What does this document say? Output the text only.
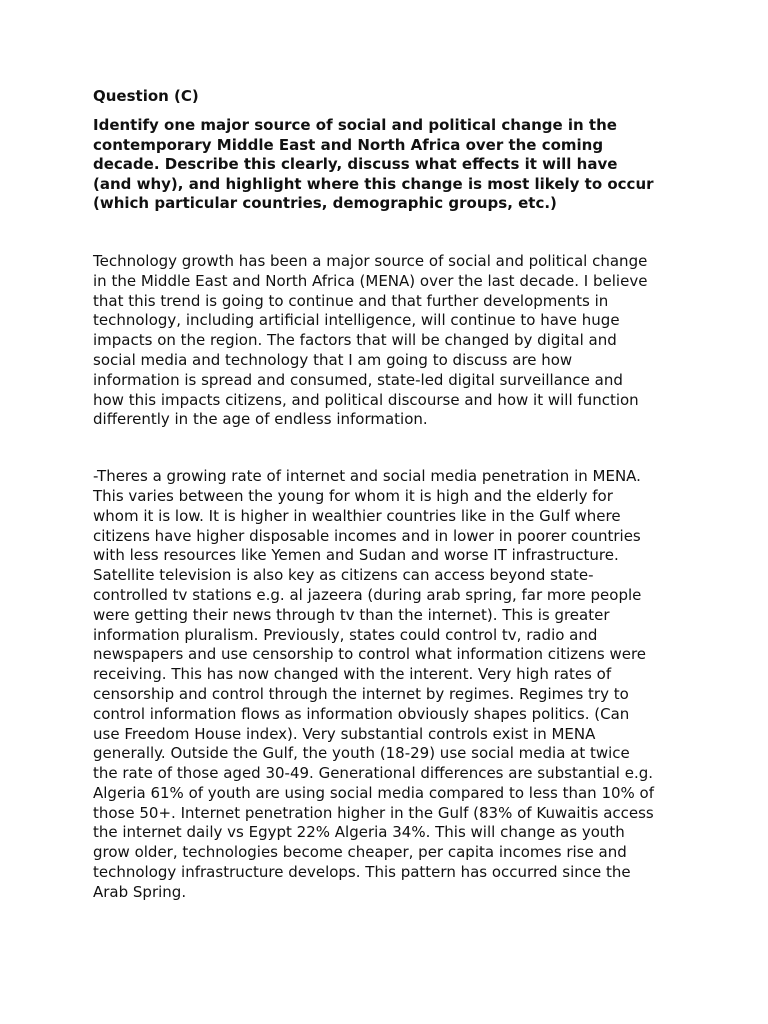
Question (C)

Identify one major source of social and political change in the
contemporary Middle East and North Africa over the coming
decade. Describe this clearly, discuss what effects it will have
(and why), and highlight where this change is most likely to occur
(which particular countries, demographic groups, etc.)

Technology growth has been a major source of social and political change
in the Middle East and North Africa (MENA) over the last decade. I believe
that this trend is going to continue and that further developments in
technology, including artificial intelligence, will continue to have huge
impacts on the region. The factors that will be changed by digital and
social media and technology that I am going to discuss are how
information is spread and consumed, state-led digital surveillance and
how this impacts citizens, and political discourse and how it will function
differently in the age of endless information.

-Theres a growing rate of internet and social media penetration in MENA.
This varies between the young for whom it is high and the elderly for
whom it is low. It is higher in wealthier countries like in the Gulf where
citizens have higher disposable incomes and in lower in poorer countries
with less resources like Yemen and Sudan and worse IT infrastructure.
Satellite television is also key as citizens can access beyond state-
controlled tv stations e.g. al jazeera (during arab spring, far more people
were getting their news through tv than the internet). This is greater
information pluralism. Previously, states could control tv, radio and
newspapers and use censorship to control what information citizens were
receiving. This has now changed with the interent. Very high rates of
censorship and control through the internet by regimes. Regimes try to
control information flows as information obviously shapes politics. (Can
use Freedom House index). Very substantial controls exist in MENA
generally. Outside the Gulf, the youth (18-29) use social media at twice
the rate of those aged 30-49. Generational differences are substantial e.g.
Algeria 61% of youth are using social media compared to less than 10% of
those 50+. Internet penetration higher in the Gulf (83% of Kuwaitis access
the internet daily vs Egypt 22% Algeria 34%. This will change as youth
grow older, technologies become cheaper, per capita incomes rise and
technology infrastructure develops. This pattern has occurred since the
Arab Spring.
